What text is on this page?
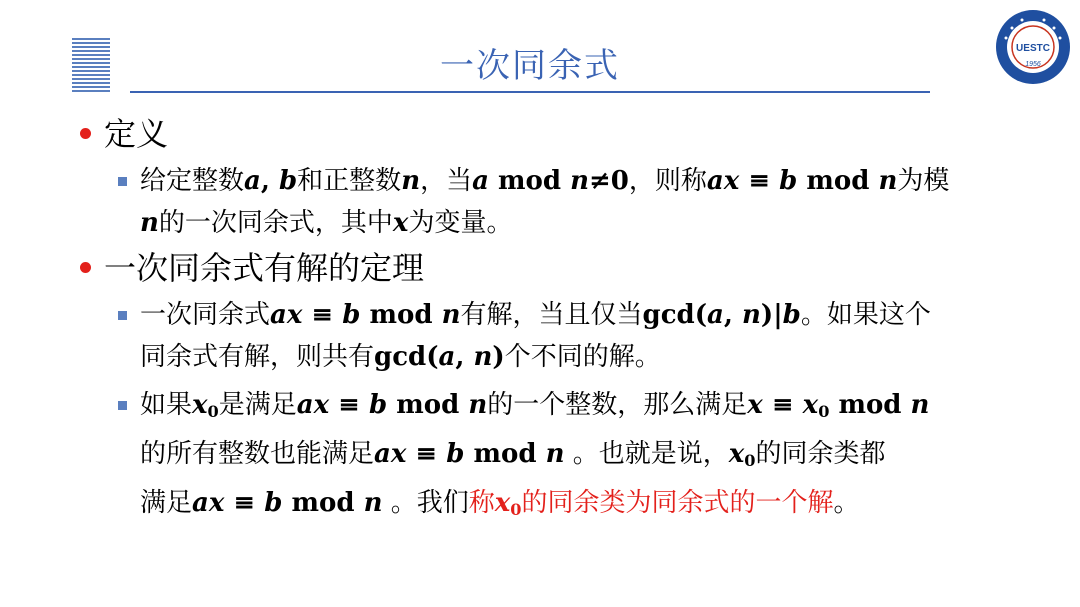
一次同余式	UESTC
1956
定义
给定整数a, b和正整数n，当a mod n≠0，则称ax ≡ b mod n为模
n的一次同余式，其中x为变量。
一次同余式有解的定理
一次同余式ax ≡ b mod n有解，当且仅当gcd(a, n)|b。如果这个
同余式有解，则共有gcd(a, n)个不同的解。
如果$x_0$是满足ax ≡ b mod n的一个整数，那么满足$x \equiv x_0$ mod n
的所有整数也能满足ax ≡ b mod n 。也就是说，$x_0$的同余类都
满足ax ≡ b mod n 。我们称$x_0$的同余类为同余式的一个解。
